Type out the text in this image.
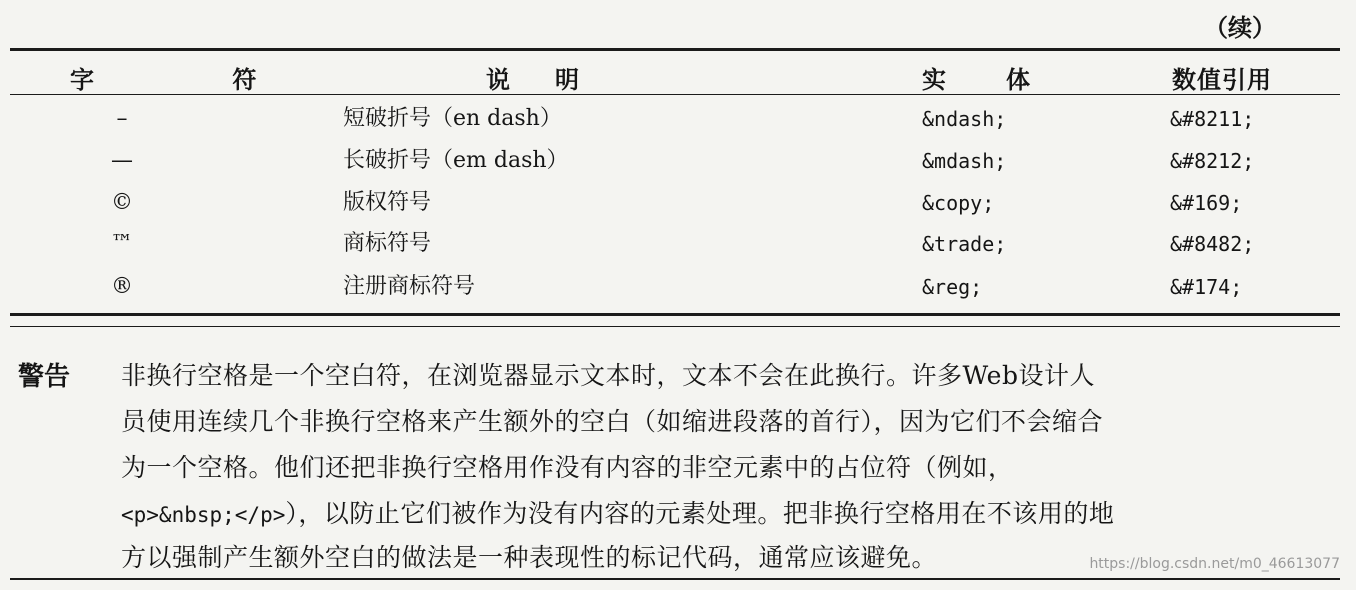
（续）
字 符	说明	实体	数值引用
–	短破折号（en dash）	&ndash;	&#8211;
—	长破折号（em dash）	&mdash;	&#8212;
©	版权符号	&copy;	&#169;
™	商标符号	&trade;	&#8482;
®	注册商标符号	&reg;	&#174;
警告 非换行空格是一个空白符，在浏览器显示文本时，文本不会在此换行。许多Web设计人
员使用连续几个非换行空格来产生额外的空白（如缩进段落的首行），因为它们不会缩合
为一个空格。他们还把非换行空格用作没有内容的非空元素中的占位符（例如，
<p>&nbsp;</p>），以防止它们被作为没有内容的元素处理。把非换行空格用在不该用的地
方以强制产生额外空白的做法是一种表现性的标记代码，通常应该避免。	https://blog.csdn.net/m0_46613077
